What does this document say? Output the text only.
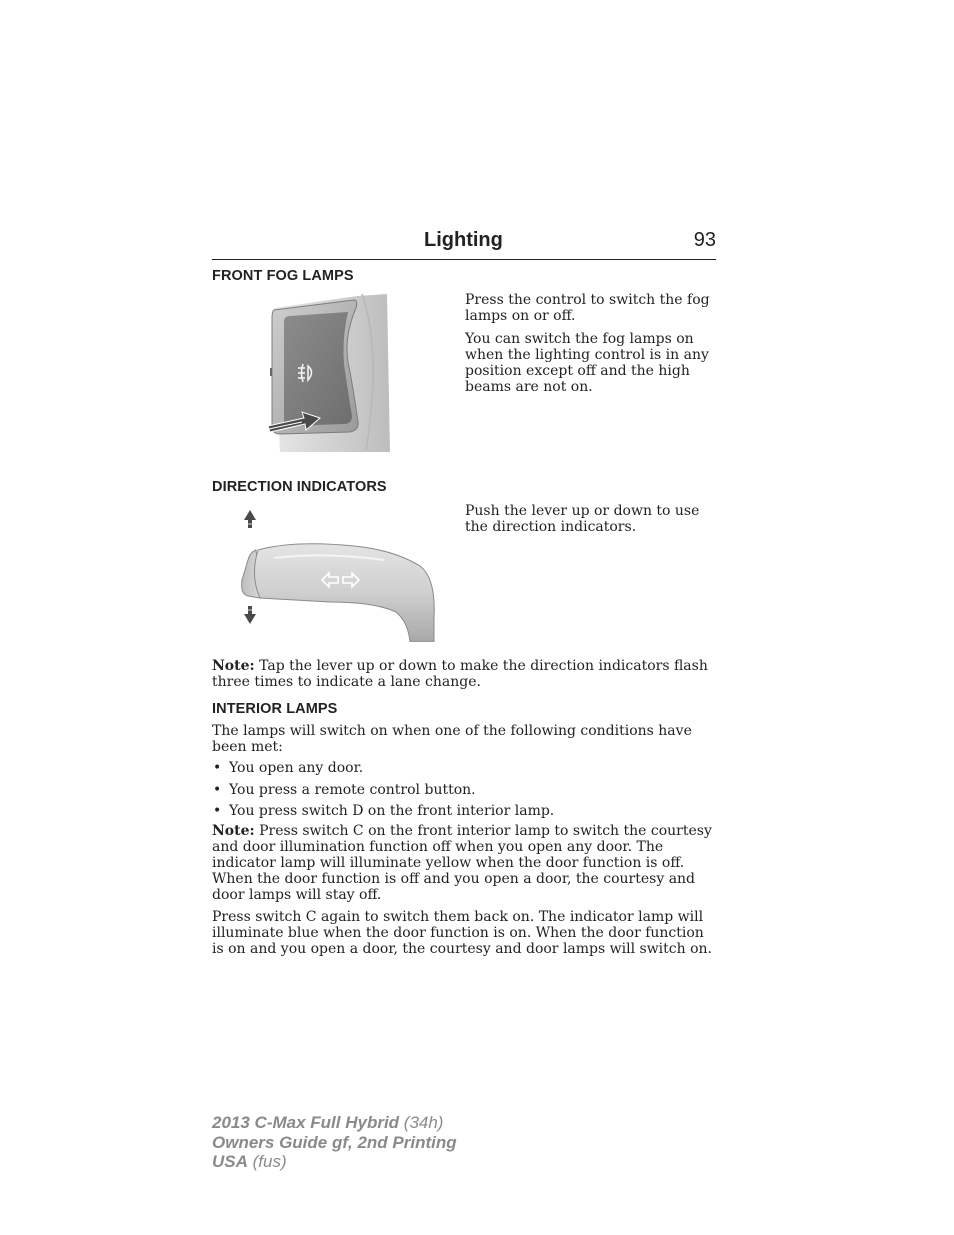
Lighting	93
FRONT FOG LAMPS

Press the control to switch the fog lamps on or off.

You can switch the fog lamps on when the lighting control is in any position except off and the high beams are not on.

DIRECTION INDICATORS

Push the lever up or down to use the direction indicators.

Note: Tap the lever up or down to make the direction indicators flash three times to indicate a lane change.

INTERIOR LAMPS

The lamps will switch on when one of the following conditions have been met:

• You open any door.
• You press a remote control button.
• You press switch D on the front interior lamp.

Note: Press switch C on the front interior lamp to switch the courtesy and door illumination function off when you open any door. The indicator lamp will illuminate yellow when the door function is off. When the door function is off and you open a door, the courtesy and door lamps will stay off.

Press switch C again to switch them back on. The indicator lamp will illuminate blue when the door function is on. When the door function is on and you open a door, the courtesy and door lamps will switch on.

2013 C-Max Full Hybrid (34h)
Owners Guide gf, 2nd Printing
USA (fus)
